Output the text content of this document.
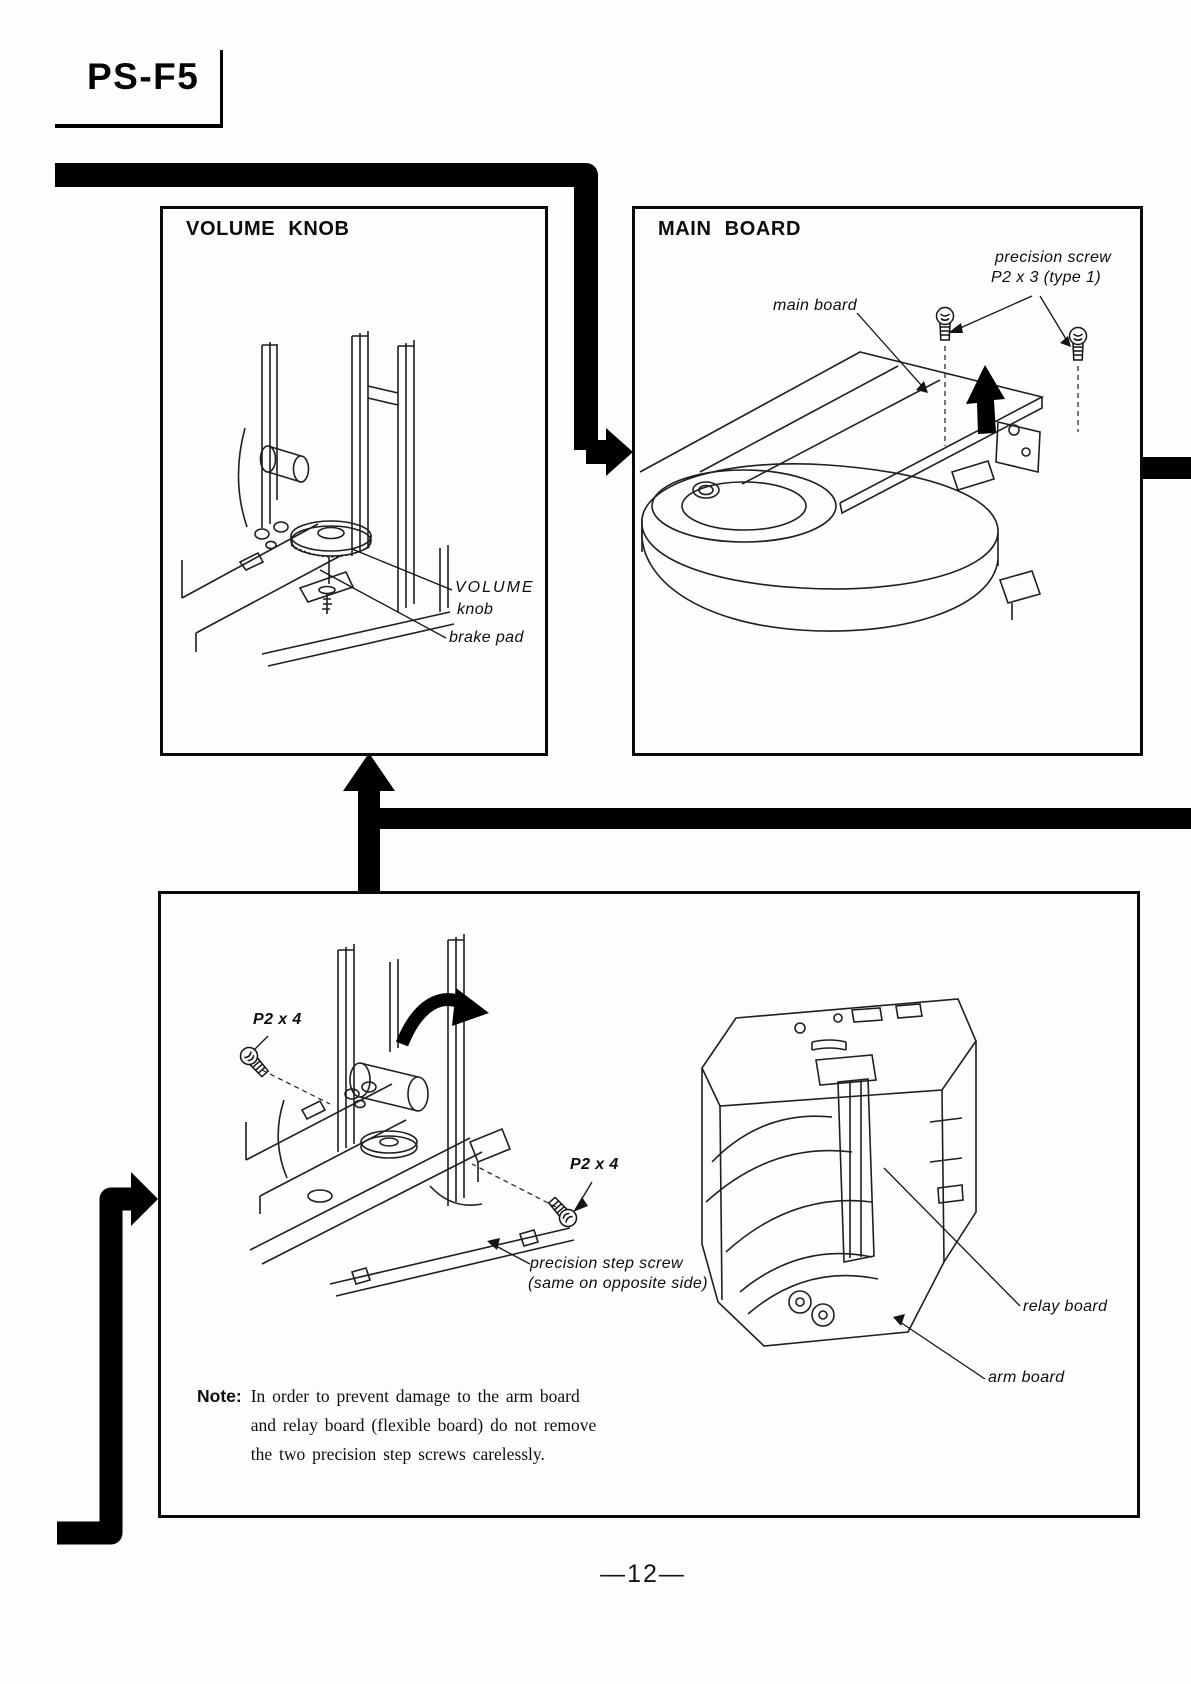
PS-F5
VOLUME KNOB	MAIN BOARD
VOLUME
knob
brake pad
precision screw
P2 x 3 (type 1)
main board
P2 x 4
P2 x 4
precision step screw
(same on opposite side)
relay board
arm board
Note: In order to prevent damage to the arm board
and relay board (flexible board) do not remove
the two precision step screws carelessly.
—12—
